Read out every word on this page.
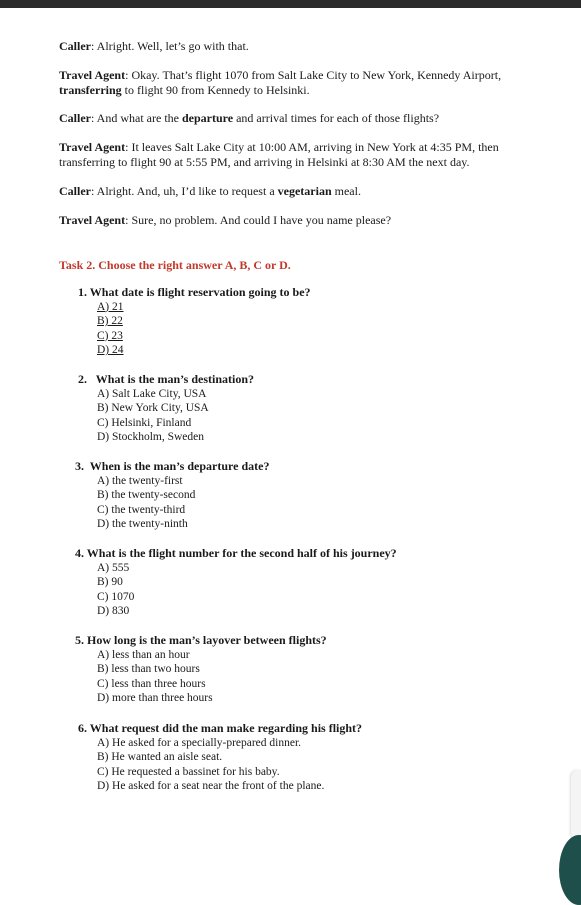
Caller: Alright. Well, let’s go with that.
Travel Agent: Okay. That’s flight 1070 from Salt Lake City to New York, Kennedy Airport, transferring to flight 90 from Kennedy to Helsinki.
Caller: And what are the departure and arrival times for each of those flights?
Travel Agent: It leaves Salt Lake City at 10:00 AM, arriving in New York at 4:35 PM, then transferring to flight 90 at 5:55 PM, and arriving in Helsinki at 8:30 AM the next day.
Caller: Alright. And, uh, I’d like to request a vegetarian meal.
Travel Agent: Sure, no problem. And could I have you name please?
Task 2. Choose the right answer A, B, C or D.
1. What date is flight reservation going to be?
A) 21
B) 22
C) 23
D) 24
2.   What is the man’s destination?
A) Salt Lake City, USA
B) New York City, USA
C) Helsinki, Finland
D) Stockholm, Sweden
3.  When is the man’s departure date?
A) the twenty-first
B) the twenty-second
C) the twenty-third
D) the twenty-ninth
4. What is the flight number for the second half of his journey?
A) 555
B) 90
C) 1070
D) 830
5. How long is the man’s layover between flights?
A) less than an hour
B) less than two hours
C) less than three hours
D) more than three hours
6. What request did the man make regarding his flight?
A) He asked for a specially-prepared dinner.
B) He wanted an aisle seat.
C) He requested a bassinet for his baby.
D) He asked for a seat near the front of the plane.
